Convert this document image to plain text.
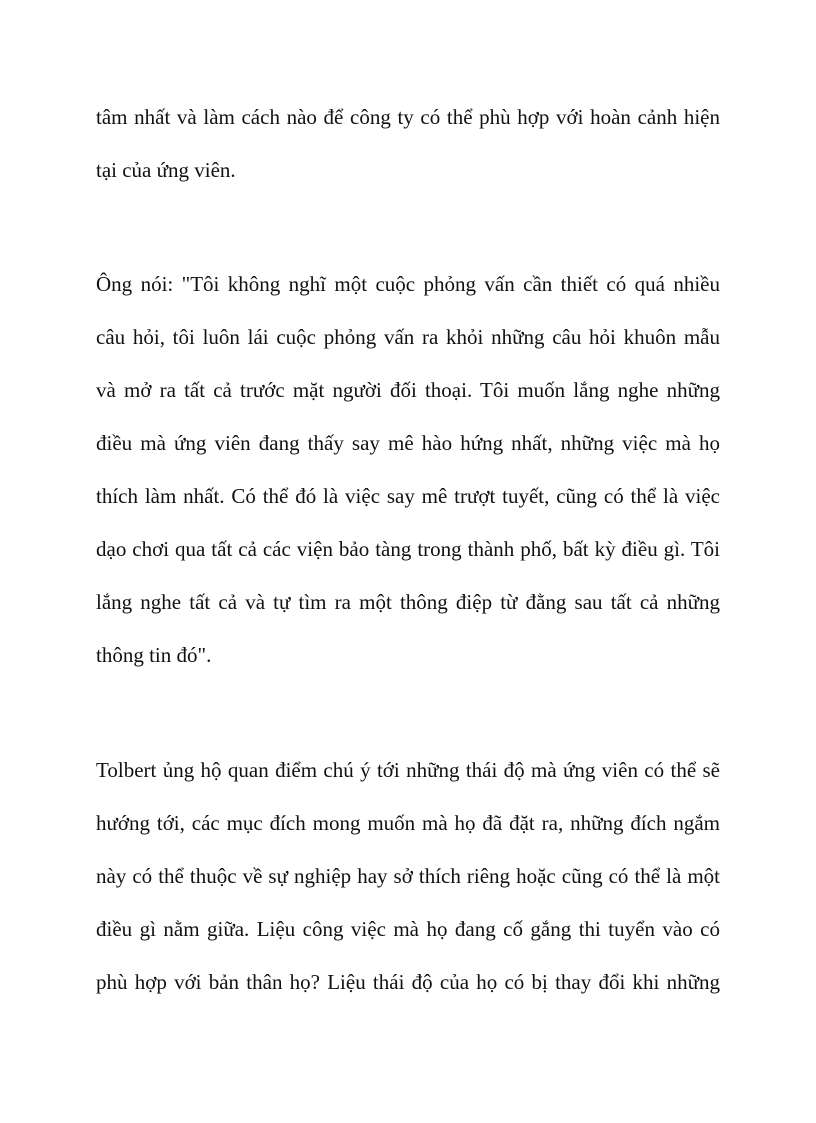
tâm nhất và làm cách nào để công ty có thể phù hợp với hoàn cảnh hiện

tại của ứng viên.

Ông nói: "Tôi không nghĩ một cuộc phỏng vấn cần thiết có quá nhiều

câu hỏi, tôi luôn lái cuộc phỏng vấn ra khỏi những câu hỏi khuôn mẫu

và mở ra tất cả trước mặt người đối thoại. Tôi muốn lắng nghe những

điều mà ứng viên đang thấy say mê hào hứng nhất, những việc mà họ

thích làm nhất. Có thể đó là việc say mê trượt tuyết, cũng có thể là việc

dạo chơi qua tất cả các viện bảo tàng trong thành phố, bất kỳ điều gì. Tôi

lắng nghe tất cả và tự tìm ra một thông điệp từ đằng sau tất cả những

thông tin đó".

Tolbert ủng hộ quan điểm chú ý tới những thái độ mà ứng viên có thể sẽ

hướng tới, các mục đích mong muốn mà họ đã đặt ra, những đích ngắm

này có thể thuộc về sự nghiệp hay sở thích riêng hoặc cũng có thể là một

điều gì nằm giữa. Liệu công việc mà họ đang cố gắng thi tuyển vào có

phù hợp với bản thân họ? Liệu thái độ của họ có bị thay đổi khi những
